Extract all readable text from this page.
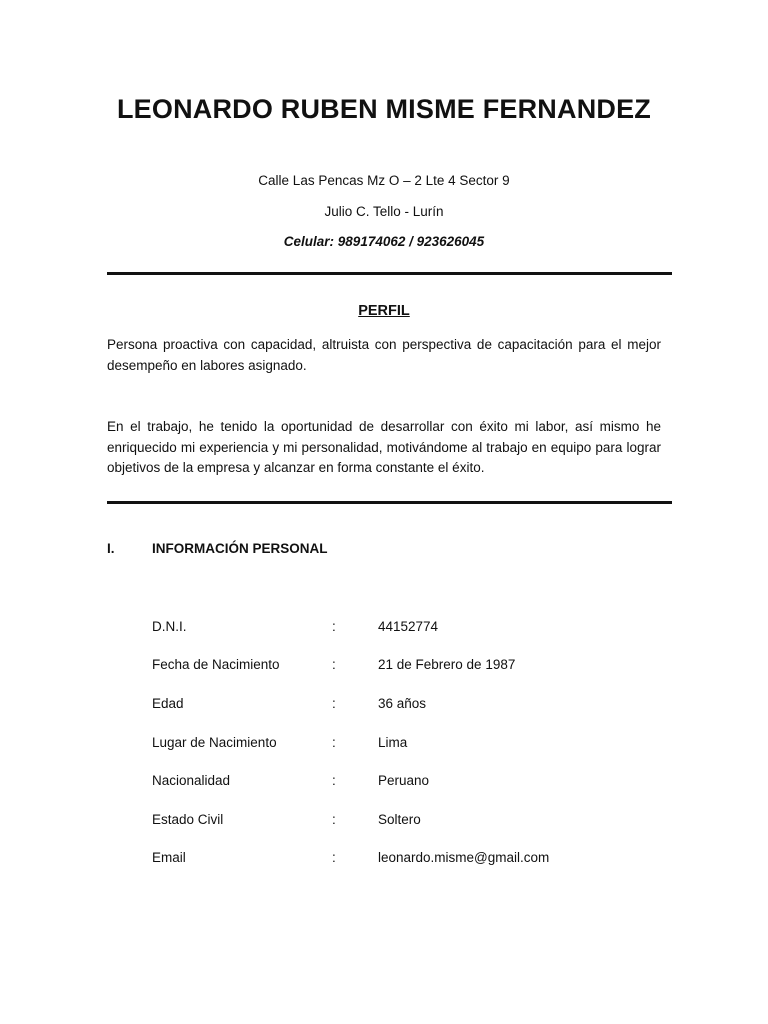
LEONARDO RUBEN MISME FERNANDEZ
Calle Las Pencas Mz O – 2 Lte 4 Sector 9
Julio C. Tello - Lurín
Celular: 989174062 / 923626045
PERFIL
Persona proactiva con capacidad, altruista con perspectiva de capacitación para el mejor desempeño en labores asignado.
En el trabajo, he tenido la oportunidad de desarrollar con éxito mi labor, así mismo he enriquecido mi experiencia y mi personalidad, motivándome al trabajo en equipo para lograr objetivos de la empresa y alcanzar en forma constante el éxito.
I.	INFORMACIÓN PERSONAL
D.N.I.	:	44152774
Fecha de Nacimiento	:	21 de Febrero de 1987
Edad	:	36 años
Lugar de Nacimiento	:	Lima
Nacionalidad	:	Peruano
Estado Civil	:	Soltero
Email	:	leonardo.misme@gmail.com
